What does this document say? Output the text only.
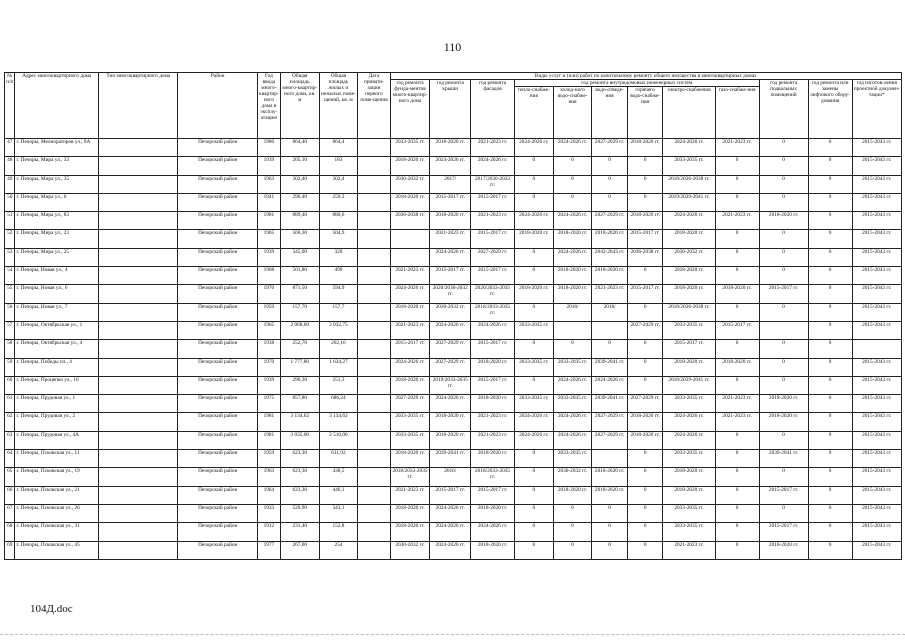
110
№ п/п	Адрес многоквартирного дома	Тип многоквартирного дома	Район	Год ввода много-квартир-ного дома в эксплу-атацию	Общая площадь много-квартир-ного дома, кв. м	Общая площадь жилых и нежилых поме-щений, кв. м	Дата привати-зации первого поме-щения	Виды услуг и (или) работ по капитальному ремонту общего имущества в многоквартирных домах											
								год ремонта фунда-ментов много-квартир-ного дома	год ремонта крыши	год ремонта фасадов	год ремонта внутридомовых инженерных систем						год ремонта подвальных помещений	год ремонта или замены лифтового обору-дования	год изготов-ления проектной докумен-тации*
											тепло-снабже-ния	холод-ного водо-снабже-ния	водо-отведе-ния	горячего водо-снабже-ния	электро-снабжения	газо-снабже-ния			
47	г. Печоры, Мелиораторов ул., 8А		Печорский район	1980	864,40	864,4		2033-2035 гг.	2018-2020 гг.	2021-2023 гг.	2024-2026 гг.	2024-2026 гг.	2027-2029 гг.	2018-2020 гг.	2024-2026 гг.	2021-2023 гг.	0	0	2015-2043 гг.
48	г. Печоры, Мира ул., 33		Печорский район	1939	205,10	183		2018-2020 гг.	2024-2026 гг.	2024-2026 гг.	0	0	0	0	2033-2035 гг.	0	0	0	2015-2043 гг.
49	г. Печоры, Мира ул., 35		Печорский район	1963	302,40	302,4		2030-2032 гг.	2017/	2017/2030-2032 гг.	0	0	0	0	2018/2036-2038 гг.	0	0	0	2015-2043 гг.
50	г. Печоры, Мира ул., 6		Печорский район	1941	296,40	259,3		2018-2020 гг.	2015-2017 гг.	2015-2017 гг.	0	0	0	0	2019/2039-2041 гг.	0	0	0	2015-2043 гг.
51	г. Печоры, Мира ул., 83		Печорский район	1981	889,40	880,6		2036-2038 гг.	2018-2020 гг.	2021-2023 гг.	2024-2026 гг.	2024-2026 гг.	2027-2029 гг.	2018-2020 гг.	2024-2026 гг.	2021-2023 гг.	2018-2020 гг.	0	2015-2043 гг.
52	г. Печоры, Мира ул., 23		Печорский район	1965	566,30	504,9			2021-2023 гг.	2015-2017 гг.	2018-2020 гг.	2018-2020 гг.	2018-2020 гг.	2015-2017 гг.	2018-2020 гг.	0	0	0	2015-2043 гг.
53	г. Печоры, Мира ул., 25		Печорский район	1939	345,00	320			2024-2026 гг.	2027-2029 гг.	0	2024-2026 гг.	2042-2043 гг.	2036-2038 гг.	2030-2032 гг.	0	0	0	2015-2043 гг.
54	г. Печоры, Новая ул., 4		Печорский район	1968	501,80	499		2021-2023 гг.	2015-2017 гг.	2015-2017 гг.	0	2018-2020 гг.	2018-2020 гг.	0	2018-2020 гг.	0	0	0	2015-2043 гг.
55	г. Печоры, Новая ул., 6		Печорский район	1970	871,50	594,9		2024-2026 гг.	2020/2030-2032 гг.	2020/2033-2035 гг.	2018-2020 гг.	2018-2020 гг.	2021-2023 гг.	2015-2017 гг.	2018-2020 гг.	2018-2020 гг.	2015-2017 гг.	0	2015-2043 гг.
56	г. Печоры, Новая ул., 7		Печорский район	1959	157,70	157,7		2018-2020 гг.	2030-2032 гг.	2018/2033-2035 гг.	0	2018/	2018/	0	2018/2036-2038 гг.	0	0	0	2015-2043 гг.
57	г. Печоры, Октябрьская ул., 1		Печорский район	1965	2 068,60	2 032,75		2021-2023 гг.	2024-2026 гг.	2024-2026 гг.	2033-2035 гг.			2027-2029 гг.	2033-2035 гг.	2015-2017 гг.		0	2015-2043 гг.
58	г. Печоры, Октябрьская ул., 4		Печорский район	1938	252,70	202,16		2015-2017 гг.	2027-2029 гг.	2015-2017 гг.	0	0	0	0	2015-2017 гг.	0	0	0	
59	г. Печоры, Победы пл., 4		Печорский район	1970	1 777,80	1 634,27		2024-2026 гг.	2027-2029 гг.	2018-2020 гг.	2033-2035 гг.	2033-2035 гг.	2039-2041 гг.	0	2018-2020 гг.	2018-2020 гг.	0	0	2015-2043 гг.
60	г. Печоры, Процепко ул., 16		Печорский район	1939	290,30	251,3		2018-2020 гг.	2019/2033-2035 гг.	2015-2017 гг.	0	2024-2026 гг.	2024-2026 гг.	0	2018/2039-2041 гг.	0	0	0	2015-2043 гг.
61	г. Печоры, Прудовая ул., 1		Печорский район	1975	857,80	686,24		2027-2029 гг.	2024-2026 гг.	2018-2020 гг.	2033-2035 гг.	2033-2035 гг.	2039-2041 гг.	2027-2029 гг.	2033-2035 гг.	2021-2023 гг.	2018-2020 гг.	0	2015-2043 гг.
62	г. Печоры, Прудовая ул., 2		Печорский район	1981	3 134,62	3 134,62		2033-2035 гг.	2018-2020 гг.	2021-2023 гг.	2024-2026 гг.	2024-2026 гг.	2027-2029 гг.	2018-2020 гг.	2024-2026 гг.	2021-2023 гг.	2018-2020 гг.	0	2015-2043 гг.
63	г. Печоры, Прудовая ул., 4А		Печорский район	1981	3 035,00	2 510,00		2033-2035 гг.	2018-2020 гг.	2021-2023 гг.	2024-2026 гг.	2024-2026 гг.	2027-2029 гг.	2018-2020 гг.	2024-2026 гг.	0	0	0	2015-2043 гг.
64	г. Печоры, Псковская ул., 11		Печорский район	1959	623,30	611,92		2018-2020 гг.	2039-2041 гг.	2018-2020 гг.	0	2033-2035 гг.		0	2033-2035 гг.	0	2039-2041 гг.	0	2015-2043 гг.
65	г. Печоры, Псковская ул., 19		Печорский район	1963	623,30	438,5		2018/2033-2035 гг.	2016/	2018/2033-2035 гг.	0	2030-2032 гг.	2018-2020 гг.	0	2018-2020 гг.	0	0	0	2015-2043 гг.
66	г. Печоры, Псковская ул., 21		Печорский район	1964	623,30	446,1		2021-2023 гг.	2015-2017 гг.	2015-2017 гг.	0	2018-2020 гг.	2018-2020 гг.	0	2018-2020 гг.	0	2015-2017 гг.	0	2015-2043 гг.
67	г. Печоры, Псковская ул., 26		Печорский район	1933	520,90	343,1		2018-2020 гг.	2024-2026 гг.	2018-2020 гг.	0	0	0	0	2033-2035 гг.	0	0	0	2015-2043 гг.
68	г. Печоры, Псковская ул., 31		Печорский район	1912	231,40	152,8		2018-2020 гг.	2024-2026 гг.	2024-2026 гг.	0	0	0	0	2033-2035 гг.	0	2015-2017 гг.	0	2015-2043 гг.
69	г. Печоры, Псковская ул., 45		Печорский район	1977	267,00	254		2030-2032 гг.	2024-2026 гг.	2018-2020 гг.	0	0	0	0	2021-2023 гг.	0	2018-2020 гг.	0	2015-2043 гг.
104Д.doc
